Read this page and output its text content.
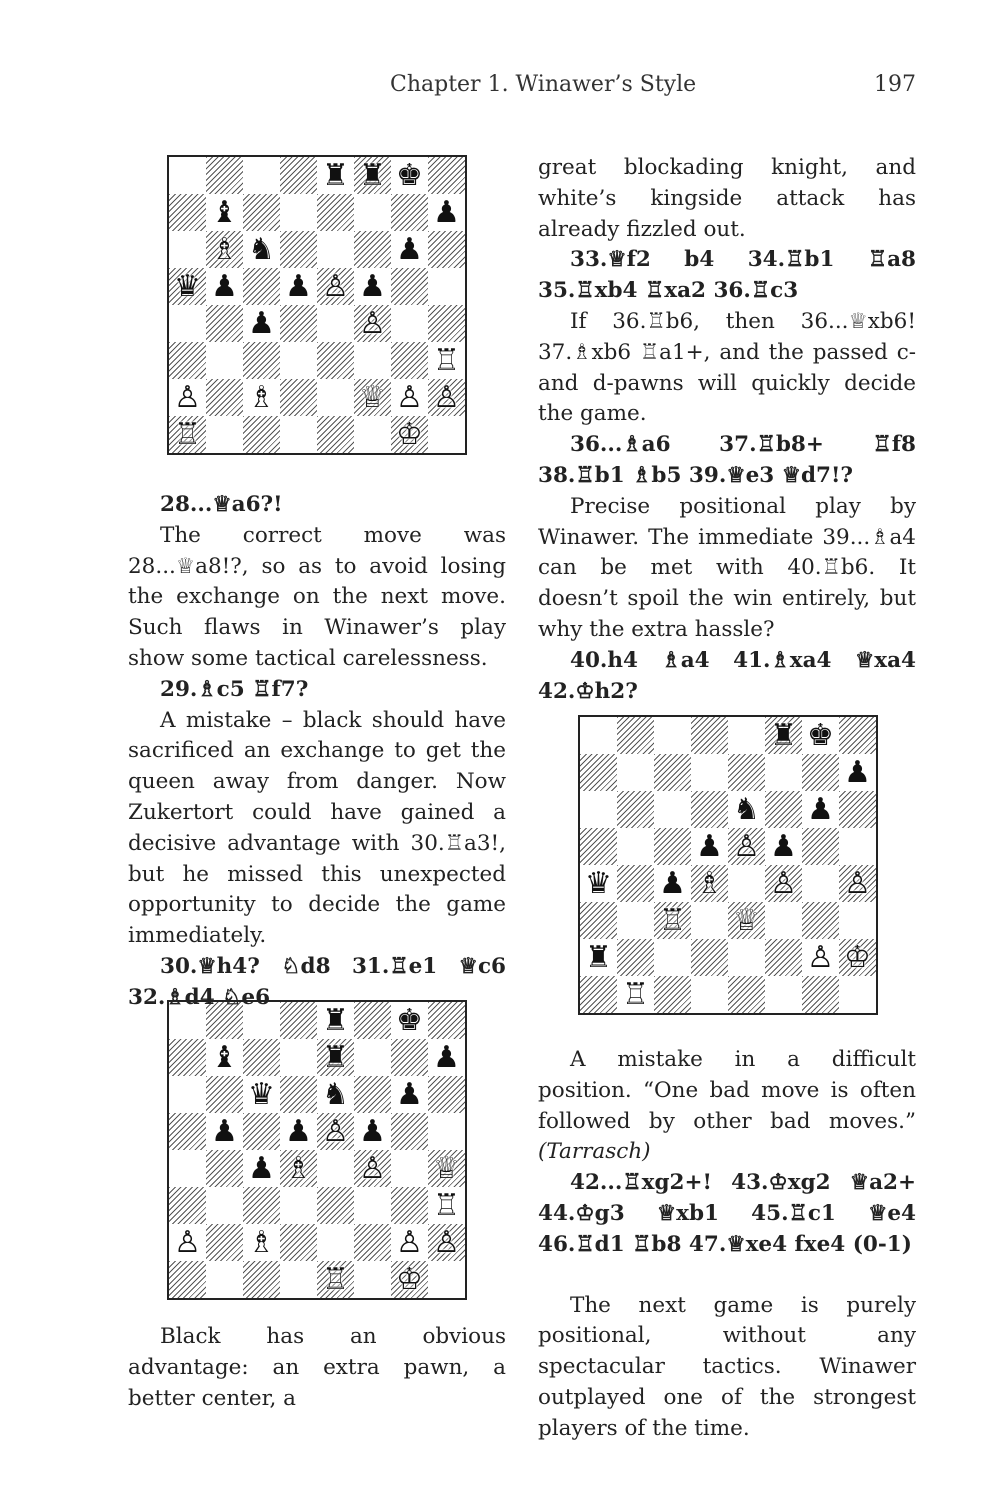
Chapter 1. Winawer’s Style	197
♜ ♜ ♚
♝	♟
♗ ♞	♟
♛ ♟ ♟ ♙ ♟
♟	♙
♖
♙ ♗	♕ ♙ ♙
♖	♔
♜ ♚
♝	♜	♟
♛ ♞ ♟
♟ ♟ ♙ ♟
♟ ♗ ♙ ♕
♖
♙ ♗	♙ ♙
♖ ♔
♜ ♚
♟
♞ ♟
♟ ♙ ♟
♛ ♟ ♗ ♙ ♙
♖ ♕
♜	♙ ♔
♖

28...♕a6?!

The correct move was 28...♕a8!?, so as to avoid losing the exchange on the next move. Such flaws in Winawer’s play show some tactical carelessness.

29.♗c5 ♖f7?

A mistake – black should have sacrificed an exchange to get the queen away from danger. Now Zukertort could have gained a decisive advantage with 30.♖a3!, but he missed this unexpected opportunity to decide the game immediately.

30.♕h4? ♘d8 31.♖e1 ♕c6 32.♗d4 ♘e6

Black has an obvious advantage: an extra pawn, a better center, a

great blockading knight, and white’s kingside attack has already fizzled out.

33.♕f2 b4 34.♖b1 ♖a8 35.♖xb4 ♖xa2 36.♖c3

If 36.♖b6, then 36...♕xb6! 37.♗xb6 ♖a1+, and the passed c- and d-pawns will quickly decide the game.

36...♗a6 37.♖b8+ ♖f8 38.♖b1 ♗b5 39.♕e3 ♕d7!?

Precise positional play by Winawer. The immediate 39...♗a4 can be met with 40.♖b6. It doesn’t spoil the win entirely, but why the extra hassle?

40.h4 ♗a4 41.♗xa4 ♕xa4 42.♔h2?

A mistake in a difficult position. “One bad move is often followed by other bad moves.” (Tarrasch)

42...♖xg2+! 43.♔xg2 ♕a2+ 44.♔g3 ♕xb1 45.♖c1 ♕e4 46.♖d1 ♖b8 47.♕xe4 fxe4 (0-1)

The next game is purely positional, without any spectacular tactics. Winawer outplayed one of the strongest players of the time.
